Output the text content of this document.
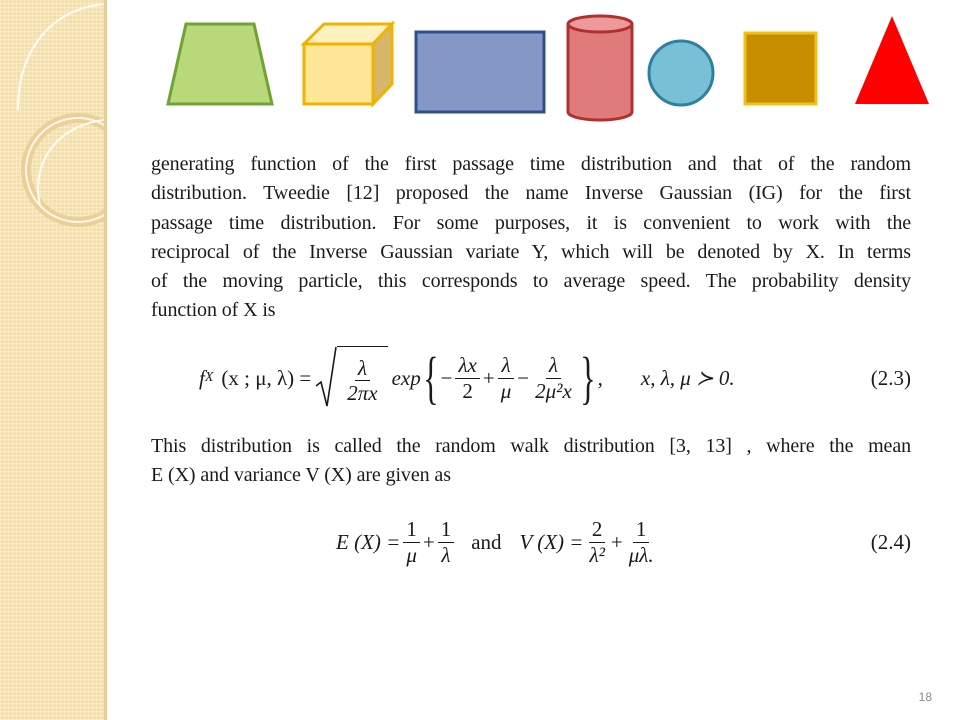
generating function of the first passage time distribution and that of the random
distribution. Tweedie [12] proposed the name Inverse Gaussian (IG) for the first
passage time distribution. For some purposes, it is convenient to work with the
reciprocal of the Inverse Gaussian variate Y, which will be denoted by X. In terms
of the moving particle, this corresponds to average speed. The probability density
function of X is
f X (x ; μ, $\lambda) = \frac{\lambda}{2\pi x}$ exp { − $\frac{\lambda x}{2} + \frac{\lambda}{\mu} - \frac{\lambda}{\text{2μ²x}}$ } , x, λ, μ ≻ 0.	(2.3)
This distribution is called the random walk distribution [3, 13] , where the mean
E (X) and variance V (X) are given as
E $(X) = \frac{1}{\mu} + \frac{1}{\lambda}$ and V $(X) = \frac{2}{\text{λ²}} + \frac{1}{\mu\lambda.}$	(2.4)
18
